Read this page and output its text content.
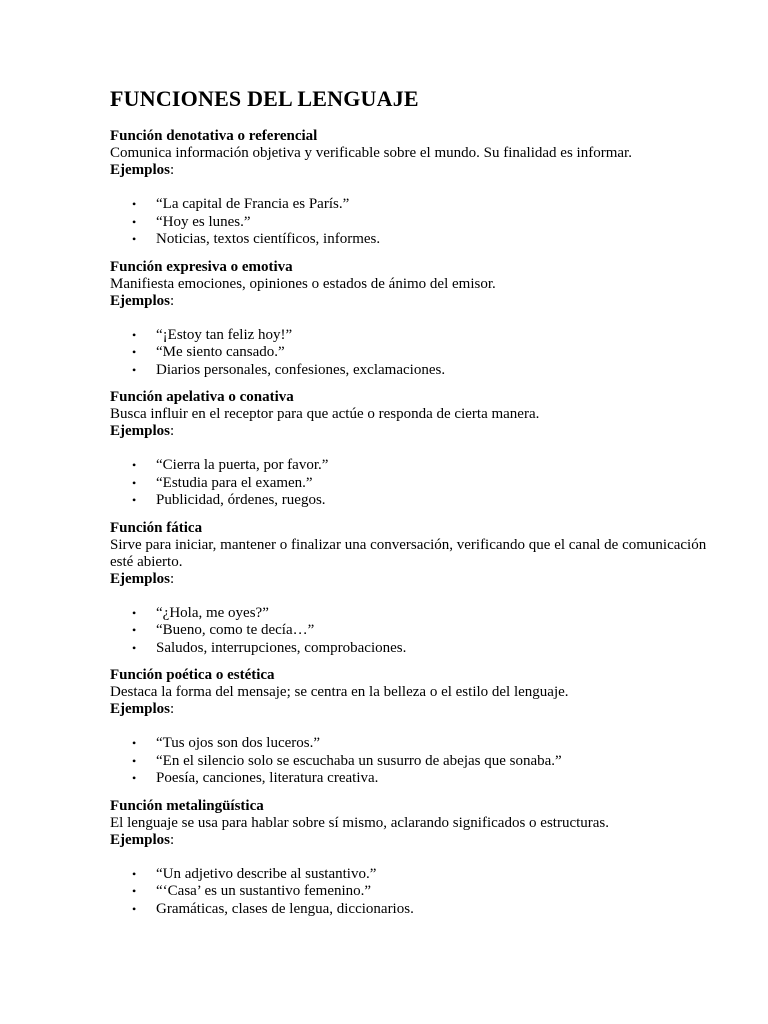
FUNCIONES DEL LENGUAJE
Función denotativa o referencial
Comunica información objetiva y verificable sobre el mundo. Su finalidad es informar.
Ejemplos:
• “La capital de Francia es París.”
• “Hoy es lunes.”
• Noticias, textos científicos, informes.
Función expresiva o emotiva
Manifiesta emociones, opiniones o estados de ánimo del emisor.
Ejemplos:
• “¡Estoy tan feliz hoy!”
• “Me siento cansado.”
• Diarios personales, confesiones, exclamaciones.
Función apelativa o conativa
Busca influir en el receptor para que actúe o responda de cierta manera.
Ejemplos:
• “Cierra la puerta, por favor.”
• “Estudia para el examen.”
• Publicidad, órdenes, ruegos.
Función fática
Sirve para iniciar, mantener o finalizar una conversación, verificando que el canal de comunicación esté abierto.
Ejemplos:
• “¿Hola, me oyes?”
• “Bueno, como te decía…”
• Saludos, interrupciones, comprobaciones.
Función poética o estética
Destaca la forma del mensaje; se centra en la belleza o el estilo del lenguaje.
Ejemplos:
• “Tus ojos son dos luceros.”
• “En el silencio solo se escuchaba un susurro de abejas que sonaba.”
• Poesía, canciones, literatura creativa.
Función metalingüística
El lenguaje se usa para hablar sobre sí mismo, aclarando significados o estructuras.
Ejemplos:
• “Un adjetivo describe al sustantivo.”
• “‘Casa’ es un sustantivo femenino.”
• Gramáticas, clases de lengua, diccionarios.
